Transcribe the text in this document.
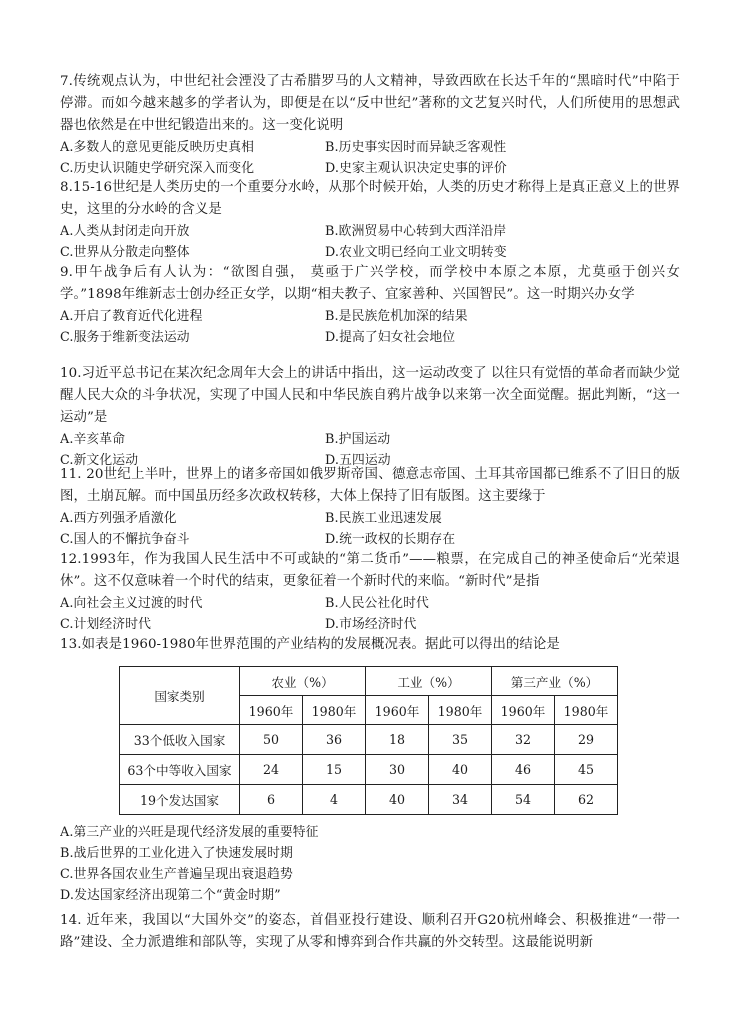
7.传统观点认为，中世纪社会湮没了古希腊罗马的人文精神，导致西欧在长达千年的“黑暗时代”中陷于停滞。而如今越来越多的学者认为，即便是在以“反中世纪”著称的文艺复兴时代，人们所使用的思想武器也依然是在中世纪锻造出来的。这一变化说明
A.多数人的意见更能反映历史真相	B.历史事实因时而异缺乏客观性
C.历史认识随史学研究深入而变化	D.史家主观认识决定史事的评价
8.15-16世纪是人类历史的一个重要分水岭，从那个时候开始，人类的历史才称得上是真正意义上的世界史，这里的分水岭的含义是
A.人类从封闭走向开放	B.欧洲贸易中心转到大西洋沿岸
C.世界从分散走向整体	D.农业文明已经向工业文明转变
9.甲午战争后有人认为：“欲图自强， 莫亟于广兴学校，而学校中本原之本原，尤莫亟于创兴女学。”1898年维新志士创办经正女学，以期“相夫教子、宜家善种、兴国智民”。这一时期兴办女学
A.开启了教育近代化进程	B.是民族危机加深的结果
C.服务于维新变法运动	D.提高了妇女社会地位
10.习近平总书记在某次纪念周年大会上的讲话中指出，这一运动改变了 以往只有觉悟的革命者而缺少觉醒人民大众的斗争状况，实现了中国人民和中华民族自鸦片战争以来第一次全面觉醒。据此判断，“这一运动”是
A.辛亥革命	B.护国运动
C.新文化运动	D.五四运动
11. 20世纪上半叶，世界上的诸多帝国如俄罗斯帝国、德意志帝国、土耳其帝国都已维系不了旧日的版图，土崩瓦解。而中国虽历经多次政权转移，大体上保持了旧有版图。这主要缘于
A.西方列强矛盾激化	B.民族工业迅速发展
C.国人的不懈抗争奋斗	D.统一政权的长期存在
12.1993年，作为我国人民生活中不可或缺的“第二货币”——粮票，在完成自己的神圣使命后“光荣退休”。这不仅意味着一个时代的结束，更象征着一个新时代的来临。“新时代”是指
A.向社会主义过渡的时代	B.人民公社化时代
C.计划经济时代	D.市场经济时代
13.如表是1960-1980年世界范围的产业结构的发展概况表。据此可以得出的结论是
国家类别	农业（%）		工业（%）		第三产业（%）	
	1960年	1980年	1960年	1980年	1960年	1980年
33个低收入国家	50	36	18	35	32	29
63个中等收入国家	24	15	30	40	46	45
19个发达国家	6	4	40	34	54	62
A.第三产业的兴旺是现代经济发展的重要特征
B.战后世界的工业化进入了快速发展时期
C.世界各国农业生产普遍呈现出衰退趋势
D.发达国家经济出现第二个“黄金时期”
14. 近年来，我国以“大国外交”的姿态，首倡亚投行建设、顺利召开G20杭州峰会、积极推进“一带一路”建设、全力派遣维和部队等，实现了从零和博弈到合作共赢的外交转型。这最能说明新
